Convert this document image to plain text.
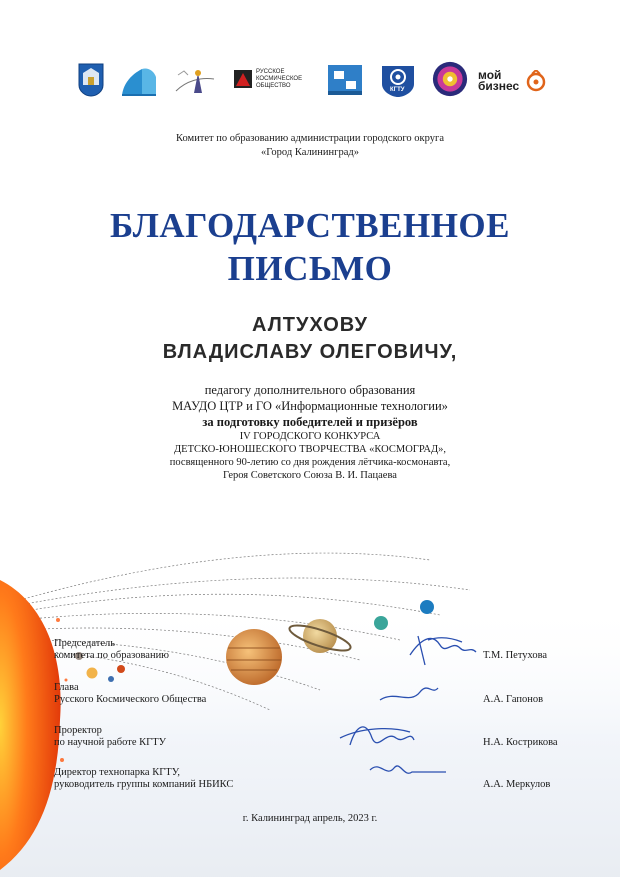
РУССКОЕ КОСМИЧЕСКОЕ ОБЩЕСТВО
КГТУ
мой бизнес
Комитет по образованию администрации городского округа
«Город Калининград»
БЛАГОДАРСТВЕННОЕ
ПИСЬМО
АЛТУХОВУ
ВЛАДИСЛАВУ ОЛЕГОВИЧУ,
педагогу дополнительного образования
МАУДО ЦТР и ГО «Информационные технологии»
за подготовку победителей и призёров
IV ГОРОДСКОГО КОНКУРСА
ДЕТСКО-ЮНОШЕСКОГО ТВОРЧЕСТВА «КОСМОГРАД»,
посвященного 90-летию со дня рождения лётчика-космонавта,
Героя Советского Союза В. И. Пацаева
Председатель
комитета по образованию	Т.М. Петухова
Глава
Русского Космического Общества	А.А. Гапонов
Проректор
по научной работе КГТУ	Н.А. Кострикова
Директор технопарка КГТУ,
руководитель группы компаний НБИКС	А.А. Меркулов
г. Калининград апрель, 2023 г.
